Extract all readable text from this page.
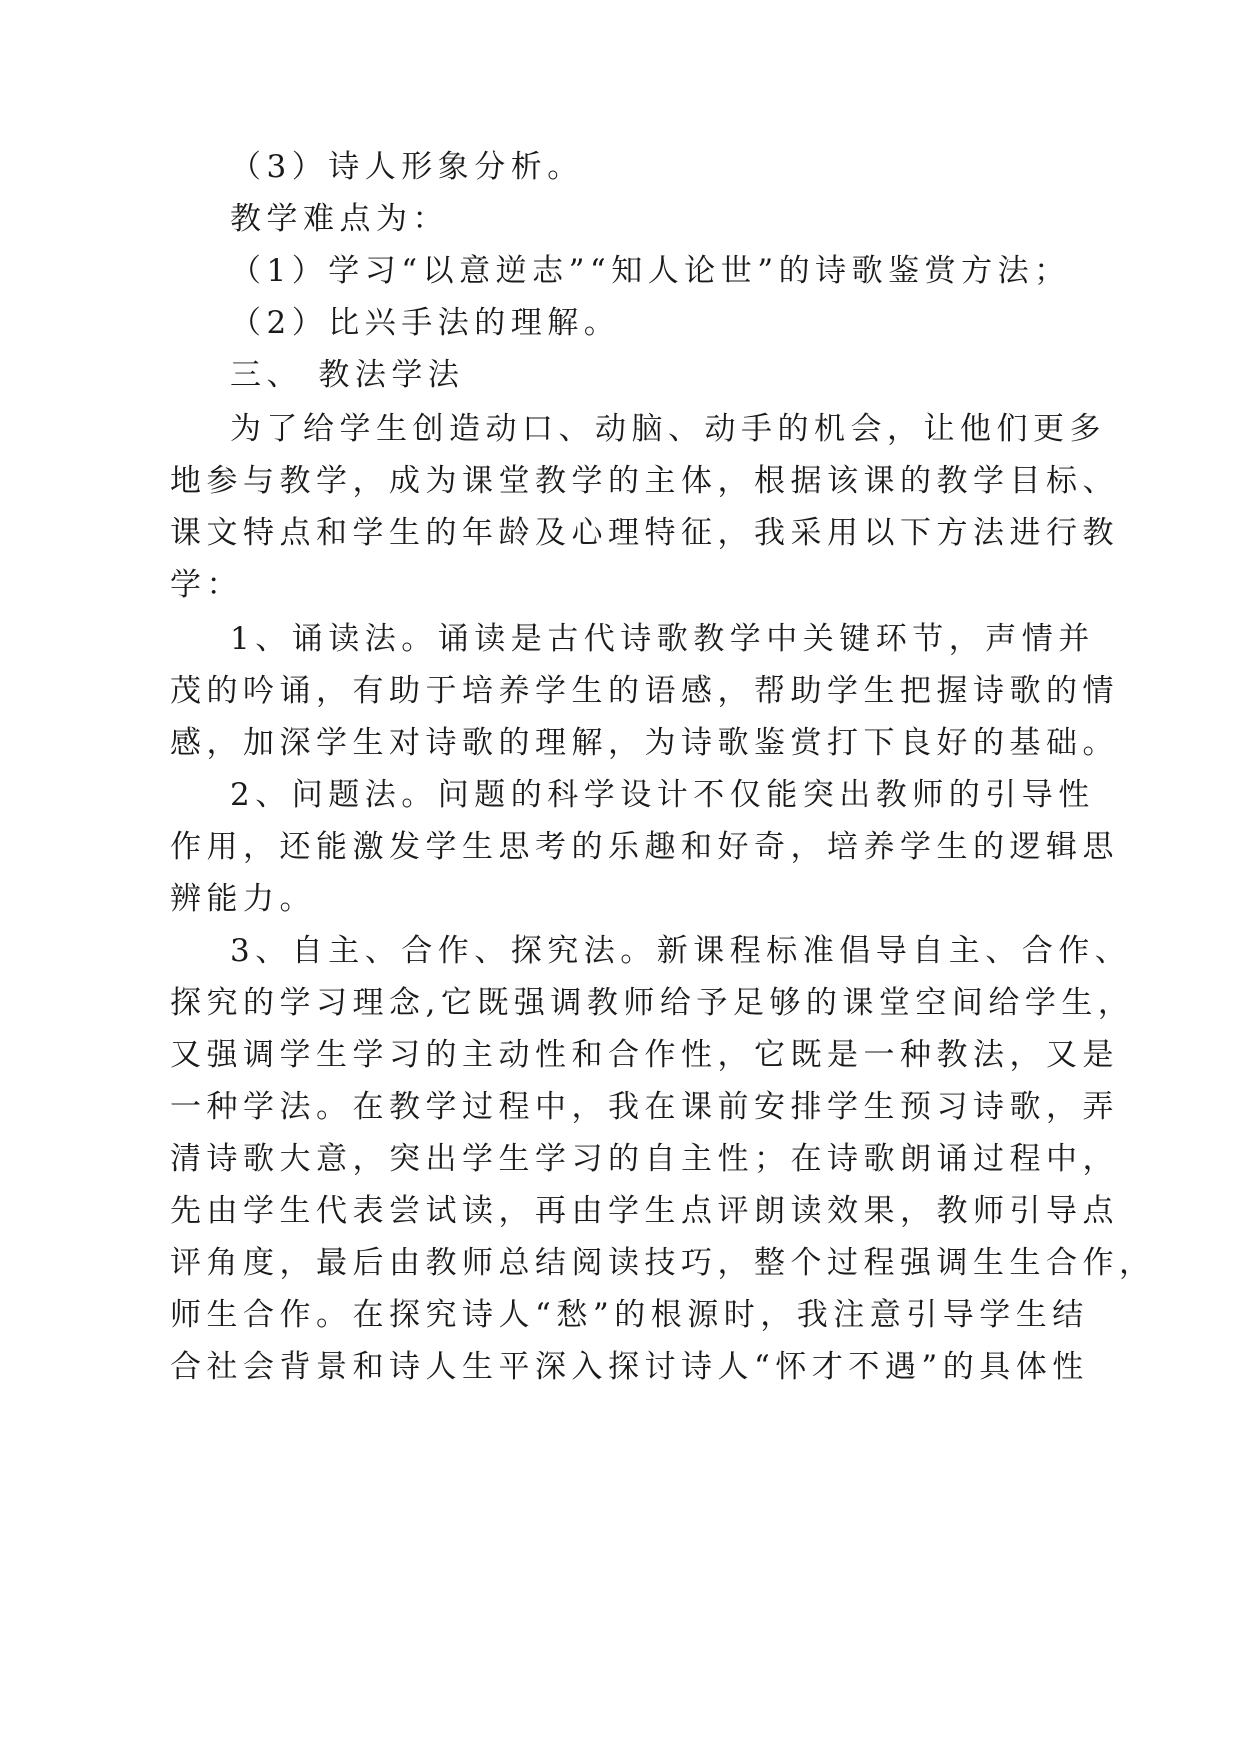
（3）诗人形象分析。

教学难点为：

（1）学习“以意逆志”“知人论世”的诗歌鉴赏方法；

（2）比兴手法的理解。

三、 教法学法

为了给学生创造动口、动脑、动手的机会，让他们更多

地参与教学，成为课堂教学的主体，根据该课的教学目标、

课文特点和学生的年龄及心理特征，我采用以下方法进行教

学：

1、诵读法。诵读是古代诗歌教学中关键环节，声情并

茂的吟诵，有助于培养学生的语感，帮助学生把握诗歌的情

感，加深学生对诗歌的理解，为诗歌鉴赏打下良好的基础。

2、问题法。问题的科学设计不仅能突出教师的引导性

作用，还能激发学生思考的乐趣和好奇，培养学生的逻辑思

辨能力。

3、自主、合作、探究法。新课程标准倡导自主、合作、

探究的学习理念,它既强调教师给予足够的课堂空间给学生，

又强调学生学习的主动性和合作性，它既是一种教法，又是

一种学法。在教学过程中，我在课前安排学生预习诗歌，弄

清诗歌大意，突出学生学习的自主性；在诗歌朗诵过程中，

先由学生代表尝试读，再由学生点评朗读效果，教师引导点

评角度，最后由教师总结阅读技巧，整个过程强调生生合作，

师生合作。在探究诗人“愁”的根源时，我注意引导学生结

合社会背景和诗人生平深入探讨诗人“怀才不遇”的具体性
